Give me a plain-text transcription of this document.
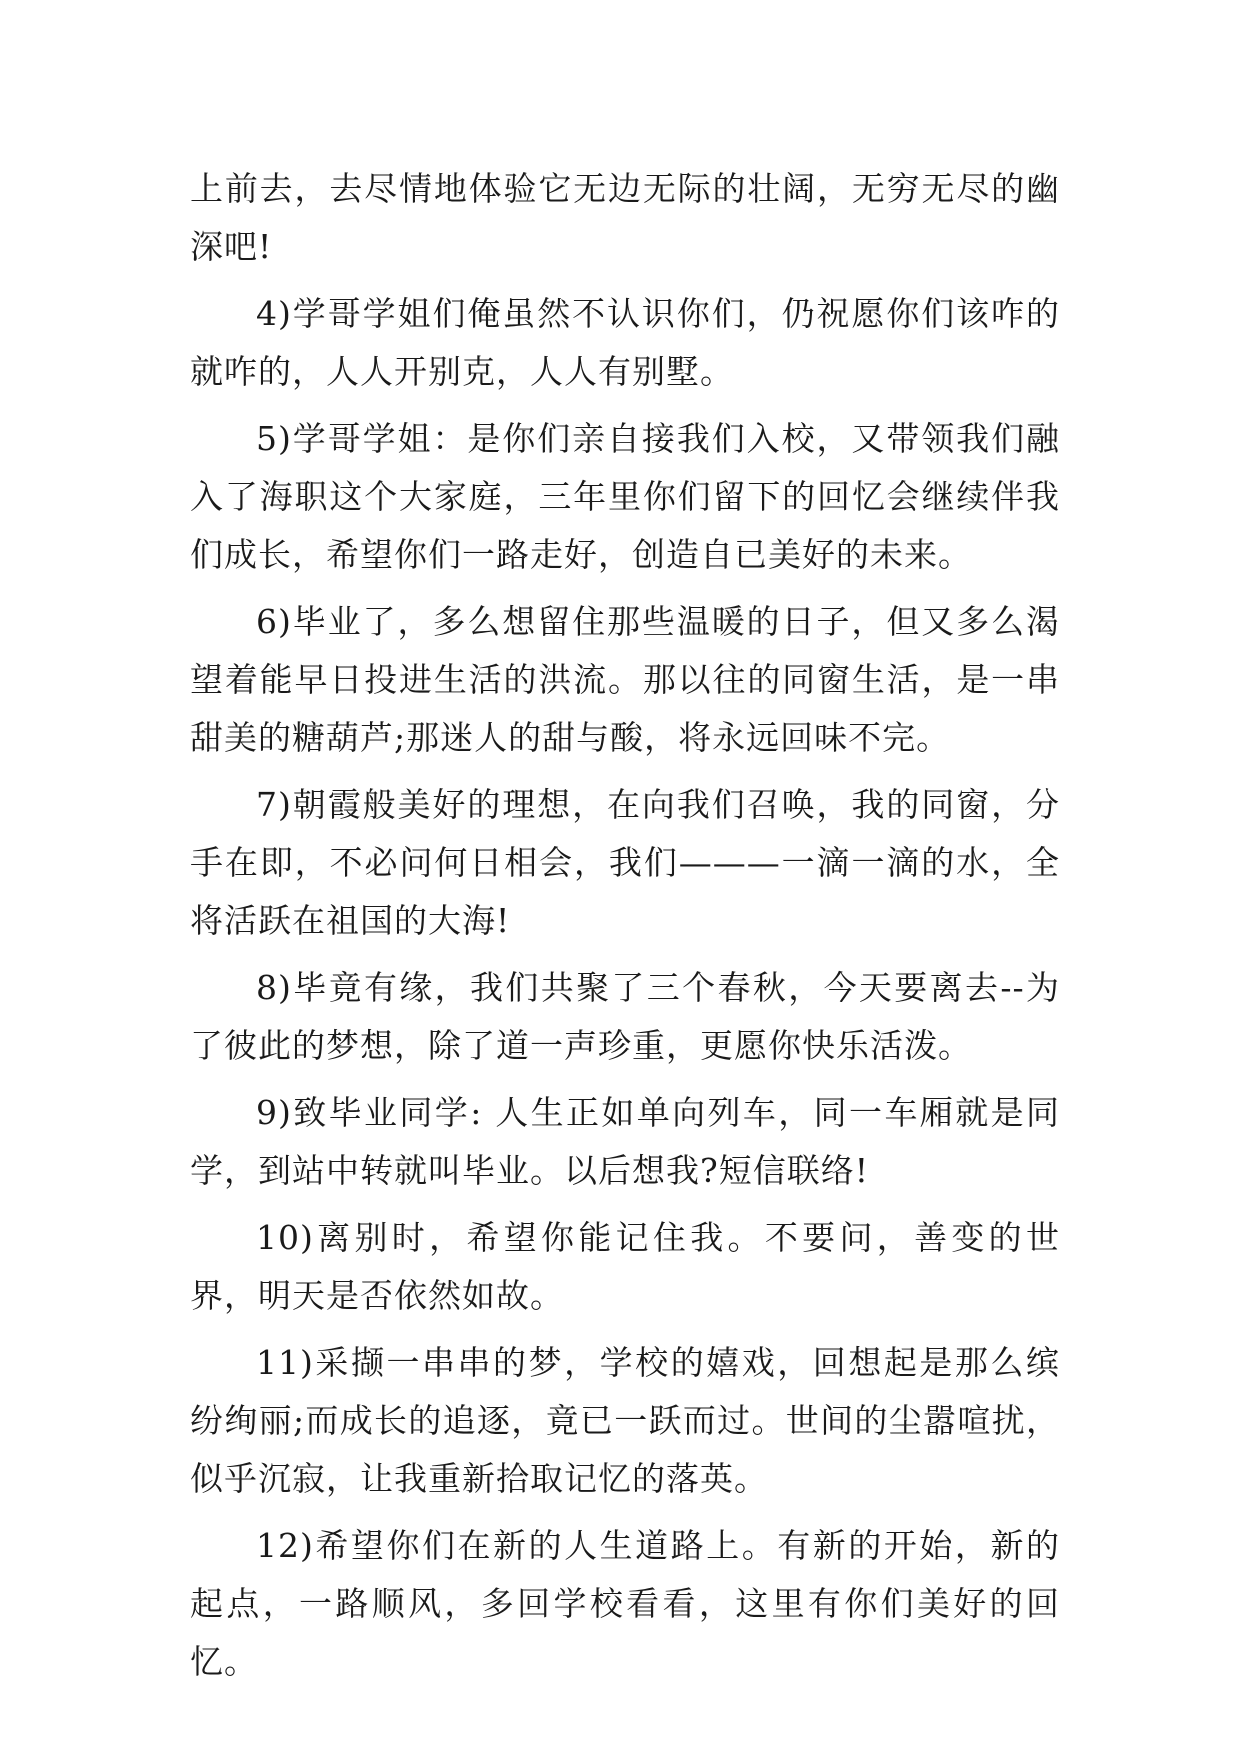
上前去，去尽情地体验它无边无际的壮阔，无穷无尽的幽深吧!

4)学哥学姐们俺虽然不认识你们，仍祝愿你们该咋的就咋的，人人开别克，人人有别墅。

5)学哥学姐：是你们亲自接我们入校，又带领我们融入了海职这个大家庭，三年里你们留下的回忆会继续伴我们成长，希望你们一路走好，创造自已美好的未来。

6)毕业了，多么想留住那些温暖的日子，但又多么渴望着能早日投进生活的洪流。那以往的同窗生活，是一串甜美的糖葫芦;那迷人的甜与酸，将永远回味不完。

7)朝霞般美好的理想，在向我们召唤，我的同窗，分手在即，不必问何日相会，我们———一滴一滴的水，全将活跃在祖国的大海!

8)毕竟有缘，我们共聚了三个春秋，今天要离去--为了彼此的梦想，除了道一声珍重，更愿你快乐活泼。

9)致毕业同学: 人生正如单向列车，同一车厢就是同学，到站中转就叫毕业。以后想我?短信联络!

10)离别时，希望你能记住我。不要问，善变的世界，明天是否依然如故。

11)采撷一串串的梦，学校的嬉戏，回想起是那么缤纷绚丽;而成长的追逐，竟已一跃而过。世间的尘嚣喧扰，似乎沉寂，让我重新拾取记忆的落英。

12)希望你们在新的人生道路上。有新的开始，新的起点，一路顺风，多回学校看看，这里有你们美好的回忆。
